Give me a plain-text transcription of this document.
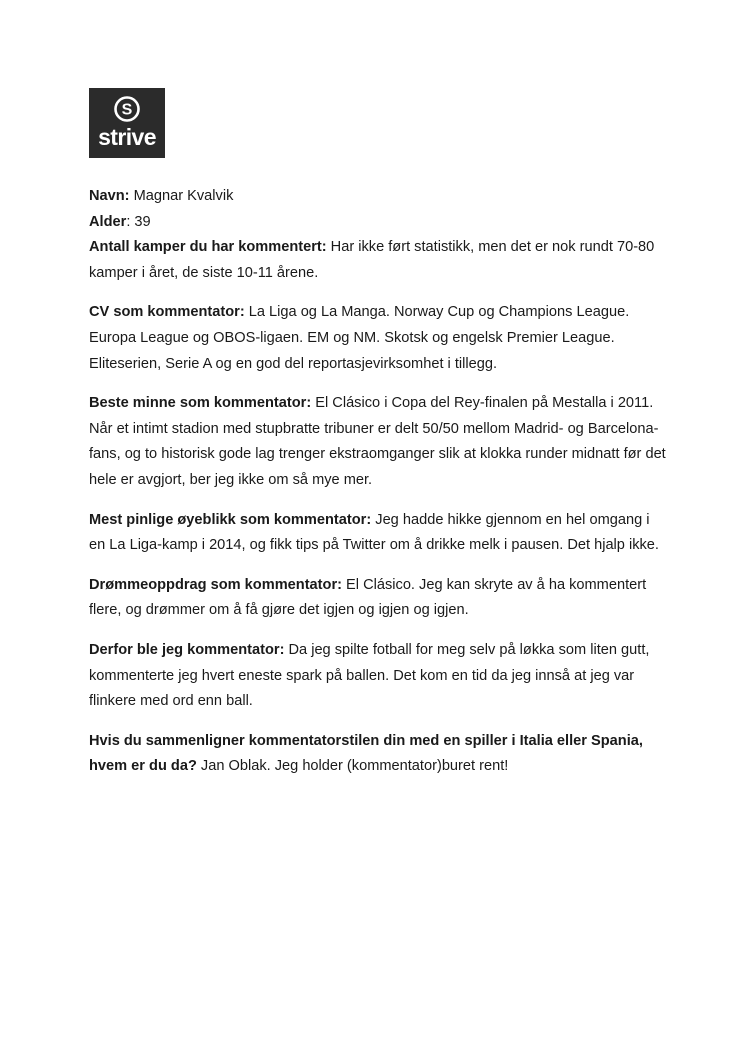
S
strive

Navn: Magnar Kvalvik

Alder: 39

Antall kamper du har kommentert: Har ikke ført statistikk, men det er nok rundt 70-80 kamper i året, de siste 10-11 årene.

CV som kommentator: La Liga og La Manga. Norway Cup og Champions League. Europa League og OBOS-ligaen. EM og NM. Skotsk og engelsk Premier League. Eliteserien, Serie A og en god del reportasjevirksomhet i tillegg.

Beste minne som kommentator: El Clásico i Copa del Rey-finalen på Mestalla i 2011. Når et intimt stadion med stupbratte tribuner er delt 50/50 mellom Madrid- og Barcelona-fans, og to historisk gode lag trenger ekstraomganger slik at klokka runder midnatt før det hele er avgjort, ber jeg ikke om så mye mer.

Mest pinlige øyeblikk som kommentator: Jeg hadde hikke gjennom en hel omgang i en La Liga-kamp i 2014, og fikk tips på Twitter om å drikke melk i pausen. Det hjalp ikke.

Drømmeoppdrag som kommentator: El Clásico. Jeg kan skryte av å ha kommentert flere, og drømmer om å få gjøre det igjen og igjen og igjen.

Derfor ble jeg kommentator: Da jeg spilte fotball for meg selv på løkka som liten gutt, kommenterte jeg hvert eneste spark på ballen. Det kom en tid da jeg innså at jeg var flinkere med ord enn ball.

Hvis du sammenligner kommentatorstilen din med en spiller i Italia eller Spania, hvem er du da? Jan Oblak. Jeg holder (kommentator)buret rent!
